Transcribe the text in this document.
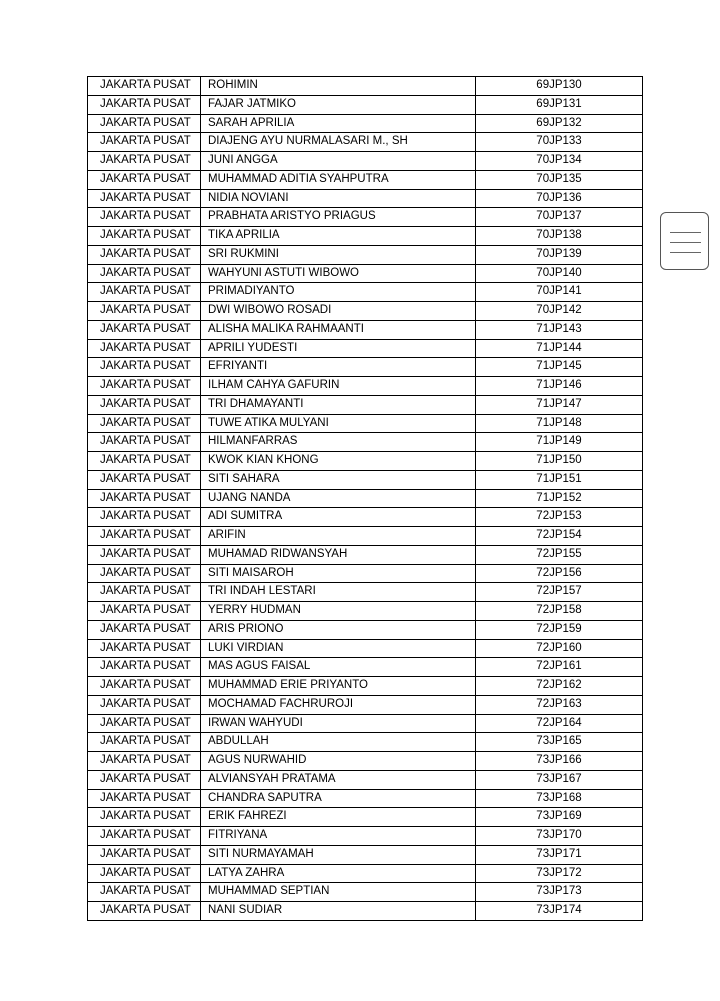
JAKARTA PUSAT	ROHIMIN	69JP130
JAKARTA PUSAT	FAJAR JATMIKO	69JP131
JAKARTA PUSAT	SARAH APRILIA	69JP132
JAKARTA PUSAT	DIAJENG AYU NURMALASARI M., SH	70JP133
JAKARTA PUSAT	JUNI ANGGA	70JP134
JAKARTA PUSAT	MUHAMMAD ADITIA SYAHPUTRA	70JP135
JAKARTA PUSAT	NIDIA NOVIANI	70JP136
JAKARTA PUSAT	PRABHATA ARISTYO PRIAGUS	70JP137
JAKARTA PUSAT	TIKA APRILIA	70JP138
JAKARTA PUSAT	SRI RUKMINI	70JP139
JAKARTA PUSAT	WAHYUNI ASTUTI WIBOWO	70JP140
JAKARTA PUSAT	PRIMADIYANTO	70JP141
JAKARTA PUSAT	DWI WIBOWO ROSADI	70JP142
JAKARTA PUSAT	ALISHA MALIKA RAHMAANTI	71JP143
JAKARTA PUSAT	APRILI YUDESTI	71JP144
JAKARTA PUSAT	EFRIYANTI	71JP145
JAKARTA PUSAT	ILHAM CAHYA GAFURIN	71JP146
JAKARTA PUSAT	TRI DHAMAYANTI	71JP147
JAKARTA PUSAT	TUWE ATIKA MULYANI	71JP148
JAKARTA PUSAT	HILMANFARRAS	71JP149
JAKARTA PUSAT	KWOK KIAN KHONG	71JP150
JAKARTA PUSAT	SITI SAHARA	71JP151
JAKARTA PUSAT	UJANG NANDA	71JP152
JAKARTA PUSAT	ADI SUMITRA	72JP153
JAKARTA PUSAT	ARIFIN	72JP154
JAKARTA PUSAT	MUHAMAD RIDWANSYAH	72JP155
JAKARTA PUSAT	SITI MAISAROH	72JP156
JAKARTA PUSAT	TRI INDAH LESTARI	72JP157
JAKARTA PUSAT	YERRY HUDMAN	72JP158
JAKARTA PUSAT	ARIS PRIONO	72JP159
JAKARTA PUSAT	LUKI VIRDIAN	72JP160
JAKARTA PUSAT	MAS AGUS FAISAL	72JP161
JAKARTA PUSAT	MUHAMMAD ERIE PRIYANTO	72JP162
JAKARTA PUSAT	MOCHAMAD FACHRUROJI	72JP163
JAKARTA PUSAT	IRWAN WAHYUDI	72JP164
JAKARTA PUSAT	ABDULLAH	73JP165
JAKARTA PUSAT	AGUS NURWAHID	73JP166
JAKARTA PUSAT	ALVIANSYAH PRATAMA	73JP167
JAKARTA PUSAT	CHANDRA SAPUTRA	73JP168
JAKARTA PUSAT	ERIK FAHREZI	73JP169
JAKARTA PUSAT	FITRIYANA	73JP170
JAKARTA PUSAT	SITI NURMAYAMAH	73JP171
JAKARTA PUSAT	LATYA ZAHRA	73JP172
JAKARTA PUSAT	MUHAMMAD SEPTIAN	73JP173
JAKARTA PUSAT	NANI SUDIAR	73JP174
